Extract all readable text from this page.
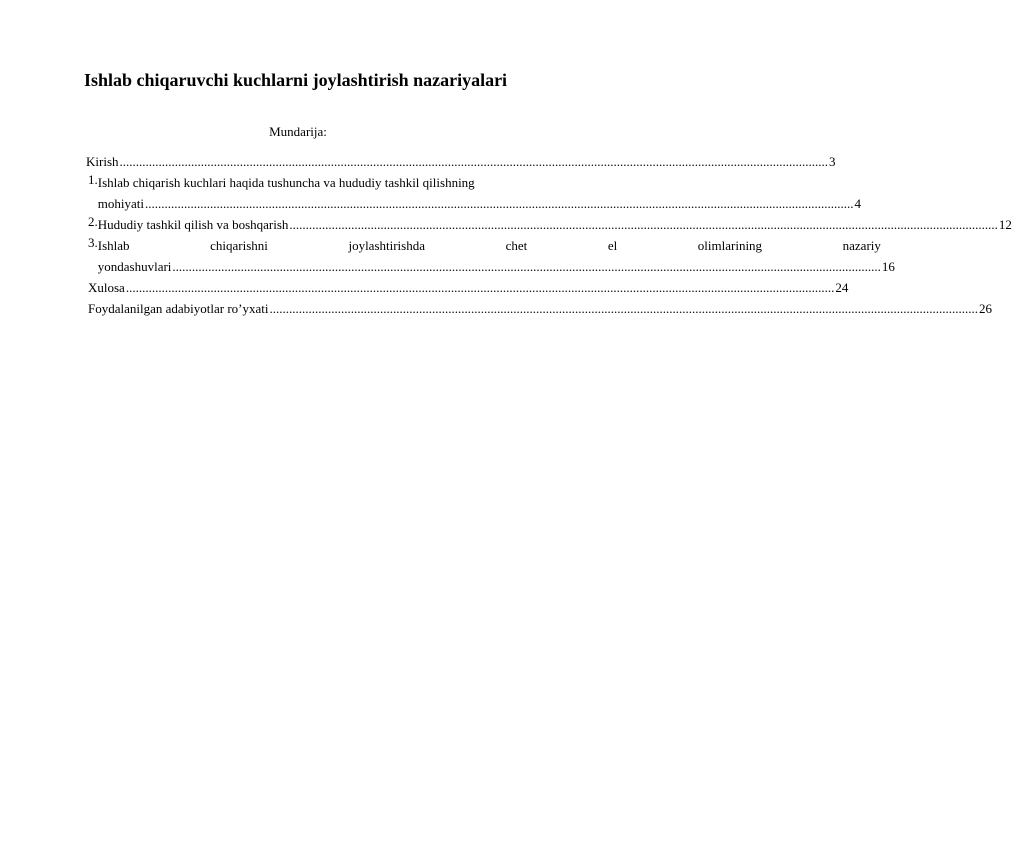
Ishlab chiqaruvchi kuchlarni joylashtirish nazariyalari
Mundarija:
Kirish .....	3
1. Ishlab chiqarish kuchlari haqida tushuncha va hududiy tashkil qilishning
mohiyati .....	4
2. Hududiy tashkil qilish va boshqarish .....	12
3. Ishlab	chiqarishni	joylashtirishda	chet	el	olimlarining	nazariy
yondashuvlari .....	16
Xulosa .....	24
Foydalanilgan adabiyotlar ro’yxati .....	26
